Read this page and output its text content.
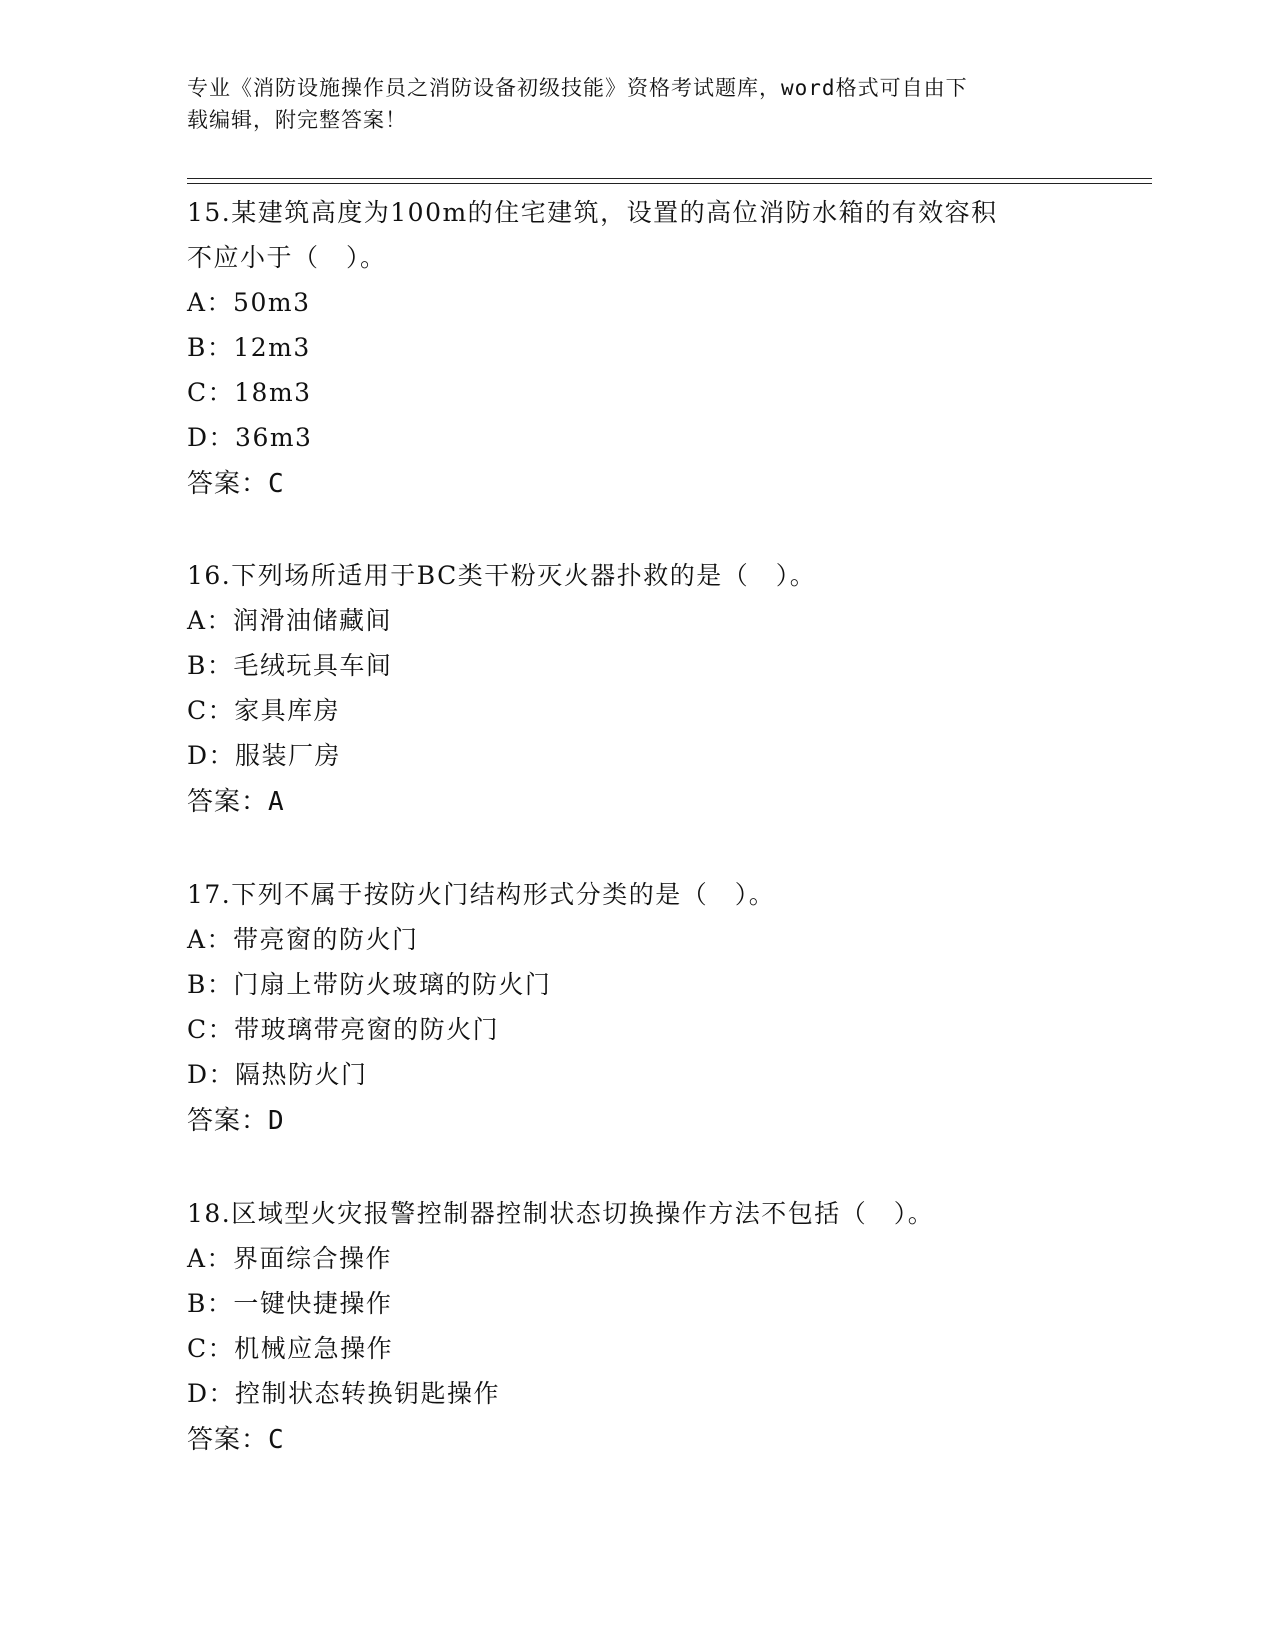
专业《消防设施操作员之消防设备初级技能》资格考试题库，word格式可自由下
载编辑，附完整答案！
15.某建筑高度为100m的住宅建筑，设置的高位消防水箱的有效容积
不应小于（　）。
A：50m3
B：12m3
C：18m3
D：36m3
答案：C
16.下列场所适用于BC类干粉灭火器扑救的是（　）。
A：润滑油储藏间
B：毛绒玩具车间
C：家具库房
D：服装厂房
答案：A
17.下列不属于按防火门结构形式分类的是（　）。
A：带亮窗的防火门
B：门扇上带防火玻璃的防火门
C：带玻璃带亮窗的防火门
D：隔热防火门
答案：D
18.区域型火灾报警控制器控制状态切换操作方法不包括（　）。
A：界面综合操作
B：一键快捷操作
C：机械应急操作
D：控制状态转换钥匙操作
答案：C
